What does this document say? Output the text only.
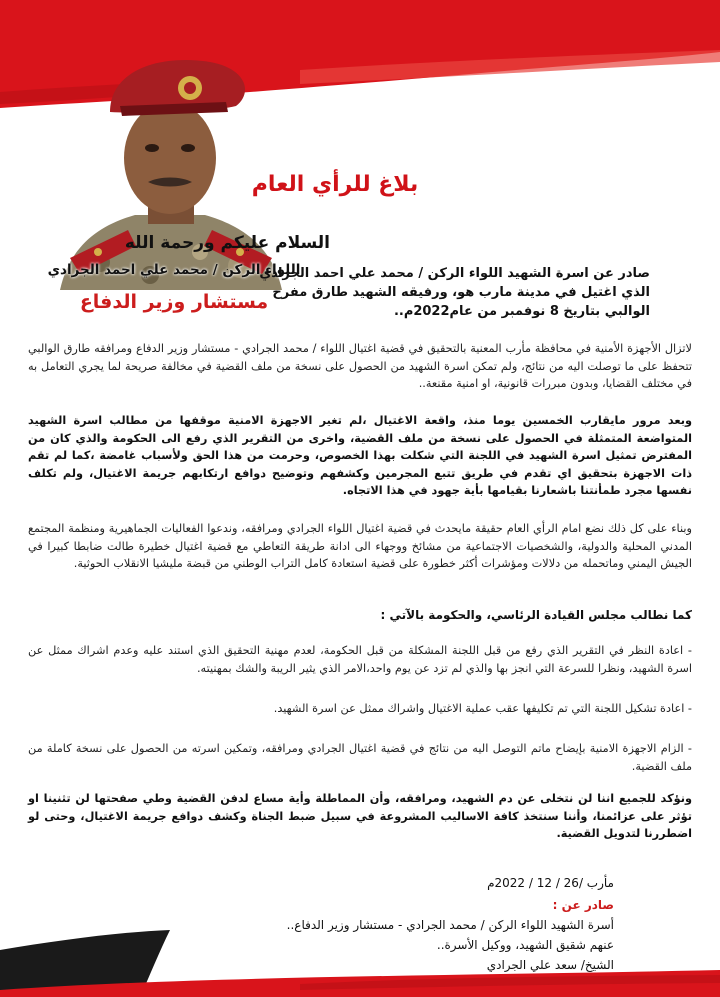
اللواء الركن / محمد علي احمد الجرادي
مستشار وزير الدفاع
بلاغ للرأي العام
السلام عليكم ورحمة الله
صادر عن اسرة الشهيد اللواء الركن / محمد علي احمد الجرادي
الذي اغتيل في مدينة مارب هو، ورفيقه الشهيد طارق مفرح
الوالبي بتاريخ 8 نوفمبر من عام2022م..
لاتزال الأجهزة الأمنية في محافظة مأرب المعنية بالتحقيق في قضية اغتيال اللواء / محمد الجرادي - مستشار وزير الدفاع ومرافقه طارق الوالبي تتحفظ على ما توصلت اليه من نتائج، ولم تمكن اسرة الشهيد من الحصول على نسخة من ملف القضية في مخالفة صريحة لما يجري التعامل به في مختلف القضايا، وبدون مبررات قانونية، او امنية مقنعة..
وبعد مرور مايقارب الخمسين يوما منذ، واقعة الاغتيال ،لم تغير الاجهزة الامنية موقفها من مطالب اسرة الشهيد المتواضعة المتمثلة في الحصول على نسخة من ملف القضية، واخرى من التقرير الذي رفع الى الحكومة والذي كان من المفترض تمثيل اسرة الشهيد في اللجنة التي شكلت بهذا الخصوص، وحرمت من هذا الحق ولأسباب غامضة ،كما لم تقم ذات الاجهزة بتحقيق اي تقدم في طريق تتبع المجرمين وكشفهم وتوضيح دوافع ارتكابهم جريمة الاغتيال، ولم تكلف نفسها مجرد طمأنتنا باشعارنا بقيامها بأية جهود في هذا الاتجاه.
وبناء على كل ذلك نضع امام الرأي العام حقيقة مايحدث في قضية اغتيال اللواء الجرادي ومرافقه، وندعوا الفعاليات الجماهيرية ومنظمة المجتمع المدني المحلية والدولية، والشخصيات الاجتماعية من مشائخ ووجهاء الى ادانة طريقة التعاطي مع قضية اغتيال خطيرة طالت ضابطا كبيرا في الجيش اليمني وماتحمله من دلالات ومؤشرات أكثر خطورة على قضية استعادة كامل التراب الوطني من قبضة مليشيا الانقلاب الحوثية.
كما نطالب مجلس القيادة الرئاسي، والحكومة بالآتي :
- اعادة النظر في التقرير الذي رفع من قبل اللجنة المشكلة من قبل الحكومة، لعدم مهنية التحقيق الذي استند عليه وعدم اشراك ممثل عن اسرة الشهيد، ونظرا للسرعة التي انجز بها والذي لم تزد عن يوم واحد،الامر الذي يثير الريبة والشك بمهنيته.
- اعادة تشكيل اللجنة التي تم تكليفها عقب عملية الاغتيال واشراك ممثل عن اسرة الشهيد.
- الزام الاجهزة الامنية بإيضاح ماتم التوصل اليه من نتائج في قضية اغتيال الجرادي ومرافقه، وتمكين اسرته من الحصول على نسخة كاملة من ملف القضية.
ونؤكد للجميع اننا لن نتخلى عن دم الشهيد، ومرافقه، وأن المماطلة وأية مساع لدفن القضية وطي صفحتها لن تثنينا او تؤثر على عزائمنا، وأننا سنتخذ كافة الاساليب المشروعة في سبيل ضبط الجناة وكشف دوافع جريمة الاغتيال، وحتى لو اضطررنا لتدويل القضية.
مأرب /26 / 12 / 2022م
صادر عن :
أسرة الشهيد اللواء الركن / محمد الجرادي - مستشار وزير الدفاع..
عنهم شقيق الشهيد، ووكيل الأسرة..
الشيخ/ سعد علي الجرادي
